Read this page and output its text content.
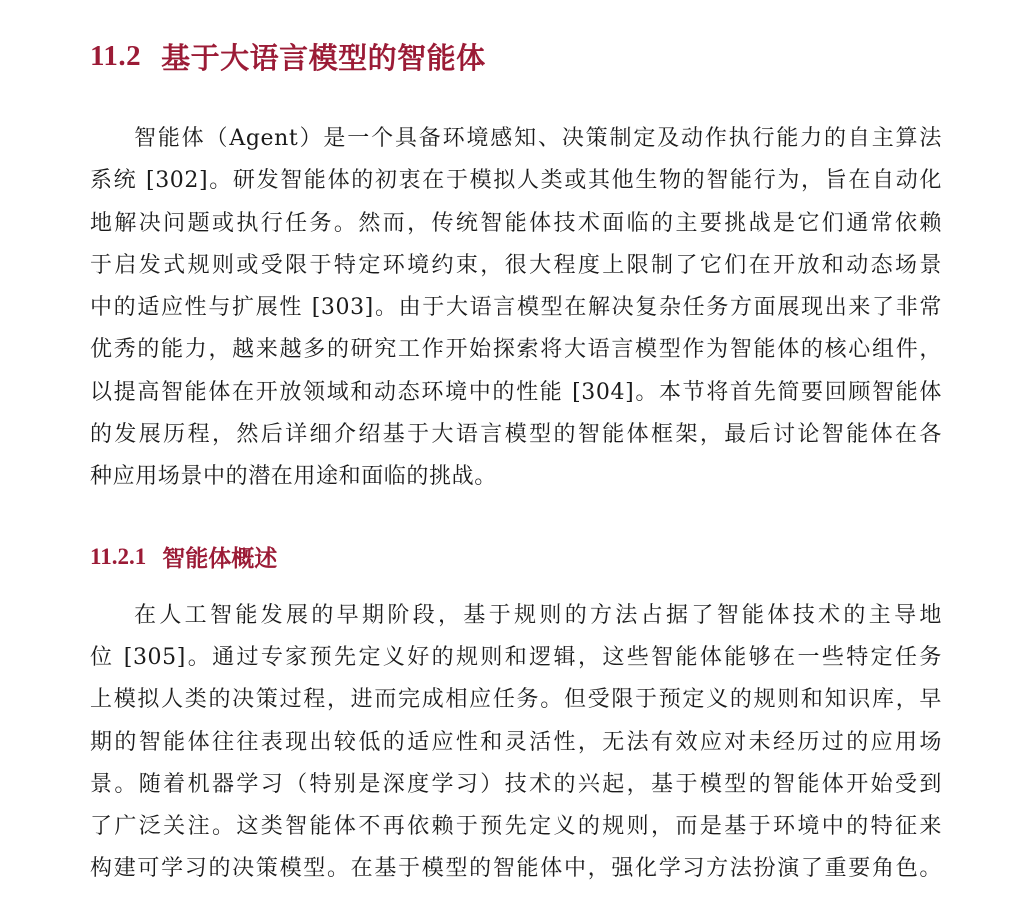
11.2 基于大语言模型的智能体

智能体（Agent）是一个具备环境感知、决策制定及动作执行能力的自主算法
系统 [302]。研发智能体的初衷在于模拟人类或其他生物的智能行为，旨在自动化
地解决问题或执行任务。然而，传统智能体技术面临的主要挑战是它们通常依赖
于启发式规则或受限于特定环境约束，很大程度上限制了它们在开放和动态场景
中的适应性与扩展性 [303]。由于大语言模型在解决复杂任务方面展现出来了非常
优秀的能力，越来越多的研究工作开始探索将大语言模型作为智能体的核心组件，
以提高智能体在开放领域和动态环境中的性能 [304]。本节将首先简要回顾智能体
的发展历程，然后详细介绍基于大语言模型的智能体框架，最后讨论智能体在各
种应用场景中的潜在用途和面临的挑战。

11.2.1 智能体概述

在人工智能发展的早期阶段，基于规则的方法占据了智能体技术的主导地
位 [305]。通过专家预先定义好的规则和逻辑，这些智能体能够在一些特定任务
上模拟人类的决策过程，进而完成相应任务。但受限于预定义的规则和知识库，早
期的智能体往往表现出较低的适应性和灵活性，无法有效应对未经历过的应用场
景。随着机器学习（特别是深度学习）技术的兴起，基于模型的智能体开始受到
了广泛关注。这类智能体不再依赖于预先定义的规则，而是基于环境中的特征来
构建可学习的决策模型。在基于模型的智能体中，强化学习方法扮演了重要角色。
